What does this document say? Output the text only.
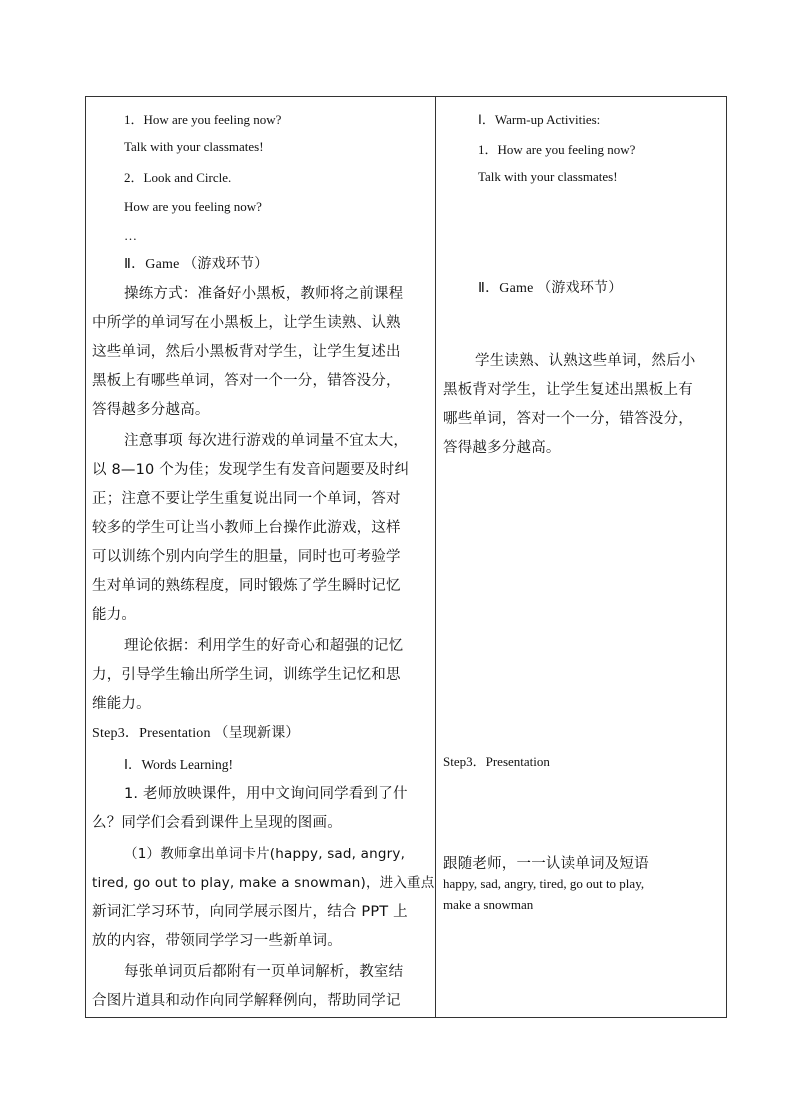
1．How are you feeling now?
Talk with your classmates!
2．Look and Circle.
How are you feeling now?
…
Ⅱ．Game （游戏环节）
操练方式：准备好小黑板，教师将之前课程
中所学的单词写在小黑板上，让学生读熟、认熟
这些单词，然后小黑板背对学生，让学生复述出
黑板上有哪些单词，答对一个一分，错答没分，
答得越多分越高。
注意事项 每次进行游戏的单词量不宜太大，
以 8—10 个为佳；发现学生有发音问题要及时纠
正；注意不要让学生重复说出同一个单词，答对
较多的学生可让当小教师上台操作此游戏，这样
可以训练个别内向学生的胆量，同时也可考验学
生对单词的熟练程度，同时锻炼了学生瞬时记忆
能力。
理论依据：利用学生的好奇心和超强的记忆
力，引导学生输出所学生词，训练学生记忆和思
维能力。
Step3．Presentation （呈现新课）
Ⅰ．Words Learning!
1. 老师放映课件，用中文询问同学看到了什
么？同学们会看到课件上呈现的图画。
（1）教师拿出单词卡片(happy, sad, angry,
tired, go out to play, make a snowman)，进入重点
新词汇学习环节，向同学展示图片，结合 PPT 上
放的内容，带领同学学习一些新单词。
每张单词页后都附有一页单词解析，教室结
合图片道具和动作向同学解释例向，帮助同学记
Ⅰ．Warm-up Activities:
1．How are you feeling now?
Talk with your classmates!
Ⅱ．Game （游戏环节）
学生读熟、认熟这些单词，然后小
黑板背对学生，让学生复述出黑板上有
哪些单词，答对一个一分，错答没分，
答得越多分越高。
Step3．Presentation
跟随老师，一一认读单词及短语
happy, sad, angry, tired, go out to play,
make a snowman
